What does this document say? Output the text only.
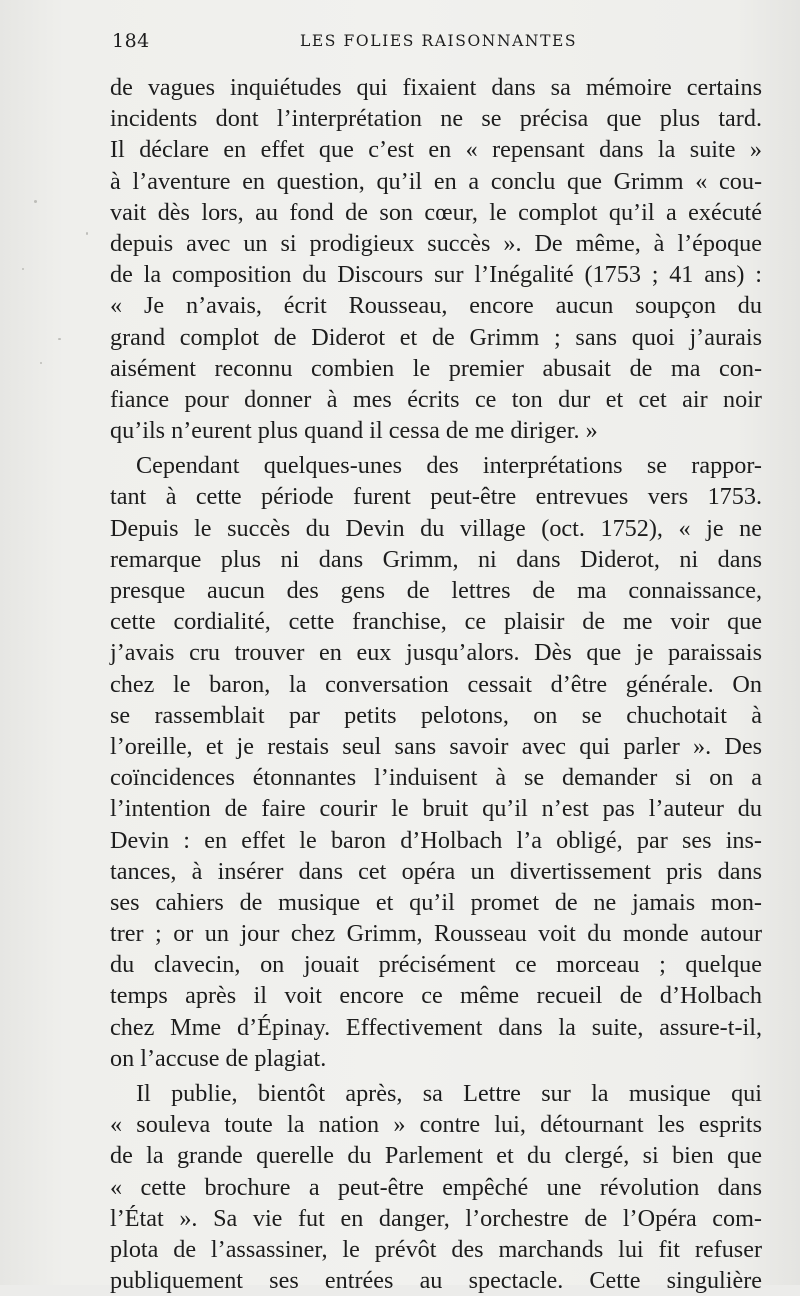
184	LES FOLIES RAISONNANTES
de vagues inquiétudes qui fixaient dans sa mémoire certains
incidents dont l’interprétation ne se précisa que plus tard.
Il déclare en effet que c’est en « repensant dans la suite »
à l’aventure en question, qu’il en a conclu que Grimm « cou-
vait dès lors, au fond de son cœur, le complot qu’il a exécuté
depuis avec un si prodigieux succès ». De même, à l’époque
de la composition du Discours sur l’Inégalité (1753 ; 41 ans) :
« Je n’avais, écrit Rousseau, encore aucun soupçon du
grand complot de Diderot et de Grimm ; sans quoi j’aurais
aisément reconnu combien le premier abusait de ma con-
fiance pour donner à mes écrits ce ton dur et cet air noir
qu’ils n’eurent plus quand il cessa de me diriger. »
Cependant quelques-unes des interprétations se rappor-
tant à cette période furent peut-être entrevues vers 1753.
Depuis le succès du Devin du village (oct. 1752), « je ne
remarque plus ni dans Grimm, ni dans Diderot, ni dans
presque aucun des gens de lettres de ma connaissance,
cette cordialité, cette franchise, ce plaisir de me voir que
j’avais cru trouver en eux jusqu’alors. Dès que je paraissais
chez le baron, la conversation cessait d’être générale. On
se rassemblait par petits pelotons, on se chuchotait à
l’oreille, et je restais seul sans savoir avec qui parler ». Des
coïncidences étonnantes l’induisent à se demander si on a
l’intention de faire courir le bruit qu’il n’est pas l’auteur du
Devin : en effet le baron d’Holbach l’a obligé, par ses ins-
tances, à insérer dans cet opéra un divertissement pris dans
ses cahiers de musique et qu’il promet de ne jamais mon-
trer ; or un jour chez Grimm, Rousseau voit du monde autour
du clavecin, on jouait précisément ce morceau ; quelque
temps après il voit encore ce même recueil de d’Holbach
chez Mme d’Épinay. Effectivement dans la suite, assure-t-il,
on l’accuse de plagiat.
Il publie, bientôt après, sa Lettre sur la musique qui
« souleva toute la nation » contre lui, détournant les esprits
de la grande querelle du Parlement et du clergé, si bien que
« cette brochure a peut-être empêché une révolution dans
l’État ». Sa vie fut en danger, l’orchestre de l’Opéra com-
plota de l’assassiner, le prévôt des marchands lui fit refuser
publiquement ses entrées au spectacle. Cette singulière
